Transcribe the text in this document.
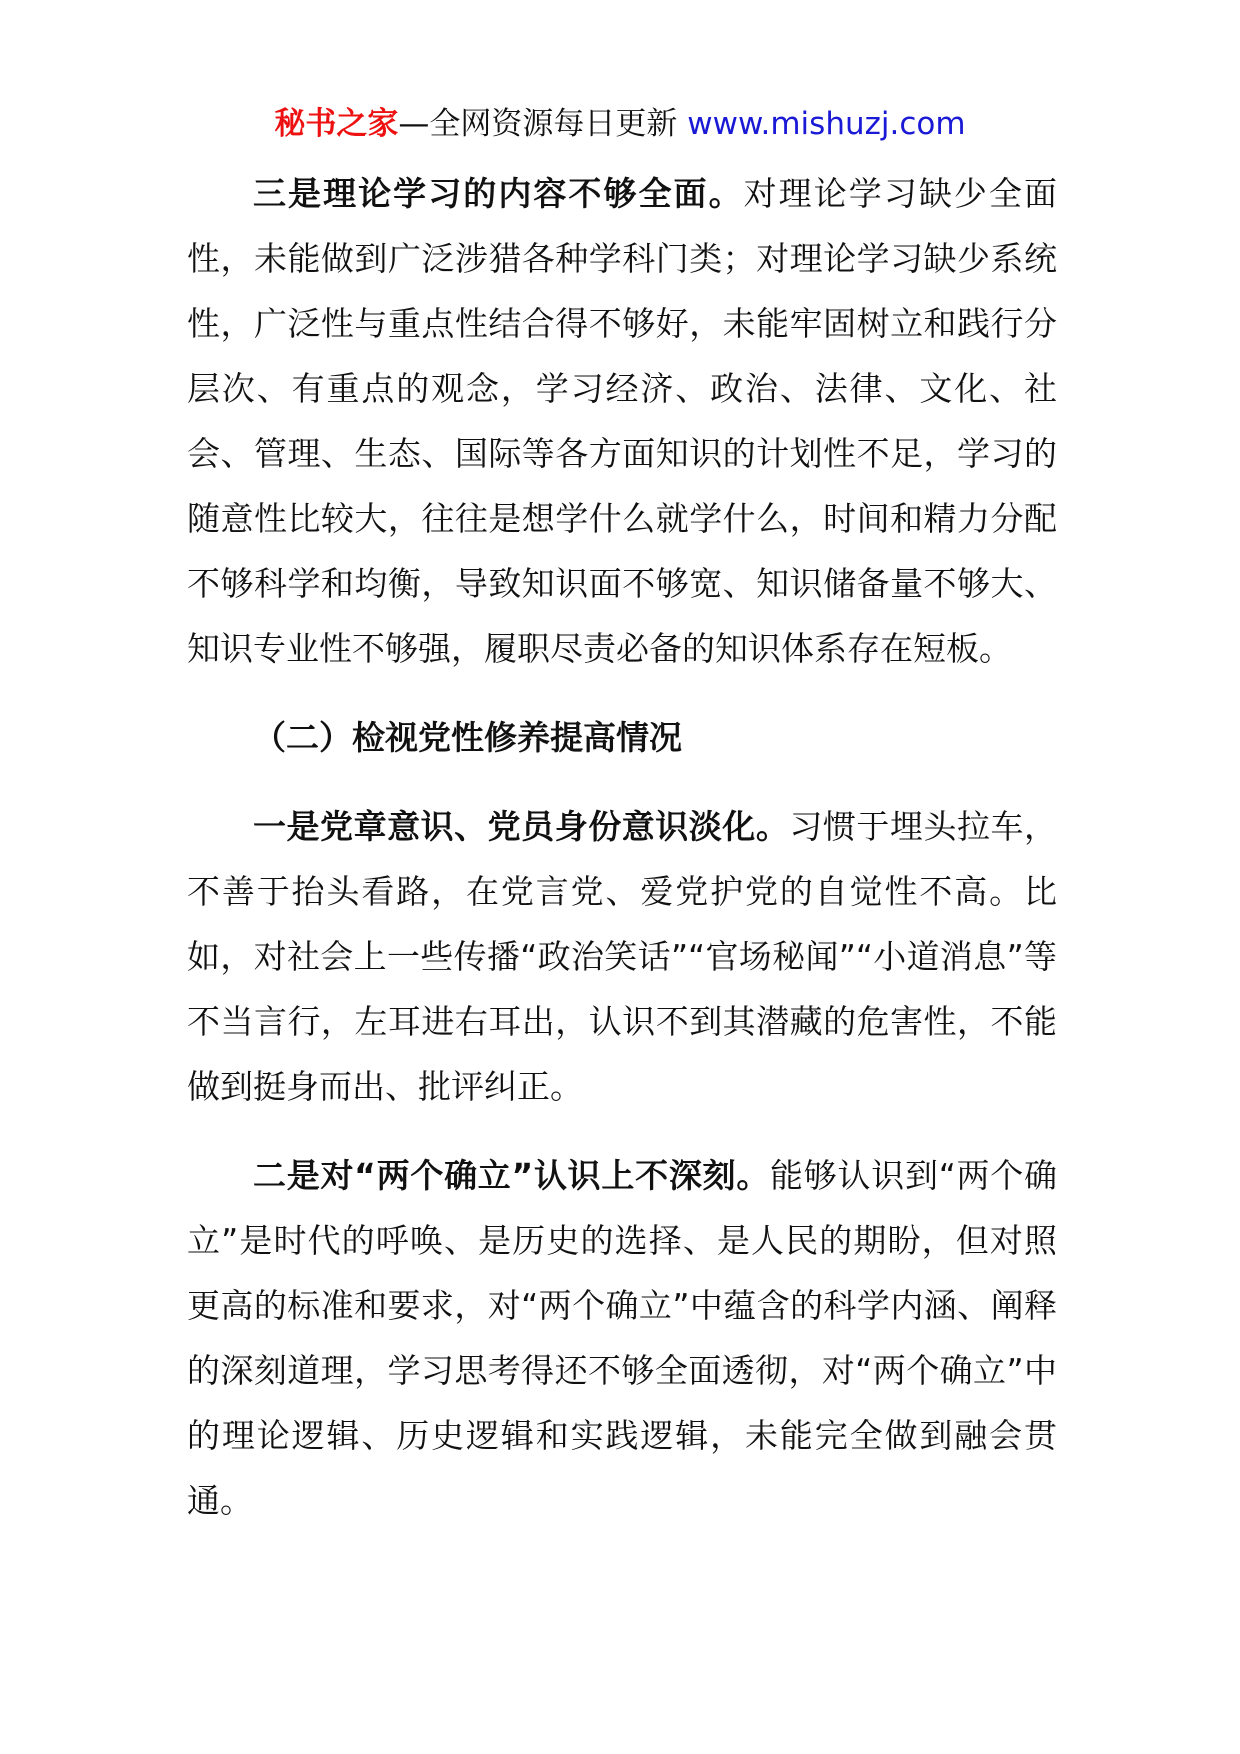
秘书之家—全网资源每日更新 www.mishuzj.com

三是理论学习的内容不够全面。对理论学习缺少全面性，未能做到广泛涉猎各种学科门类；对理论学习缺少系统性，广泛性与重点性结合得不够好，未能牢固树立和践行分层次、有重点的观念，学习经济、政治、法律、文化、社会、管理、生态、国际等各方面知识的计划性不足，学习的随意性比较大，往往是想学什么就学什么，时间和精力分配不够科学和均衡，导致知识面不够宽、知识储备量不够大、知识专业性不够强，履职尽责必备的知识体系存在短板。

（二）检视党性修养提高情况

一是党章意识、党员身份意识淡化。习惯于埋头拉车，不善于抬头看路，在党言党、爱党护党的自觉性不高。比如，对社会上一些传播“政治笑话”“官场秘闻”“小道消息”等不当言行，左耳进右耳出，认识不到其潜藏的危害性，不能做到挺身而出、批评纠正。

二是对“两个确立”认识上不深刻。能够认识到“两个确立”是时代的呼唤、是历史的选择、是人民的期盼，但对照更高的标准和要求，对“两个确立”中蕴含的科学内涵、阐释的深刻道理，学习思考得还不够全面透彻，对“两个确立”中的理论逻辑、历史逻辑和实践逻辑，未能完全做到融会贯通。
